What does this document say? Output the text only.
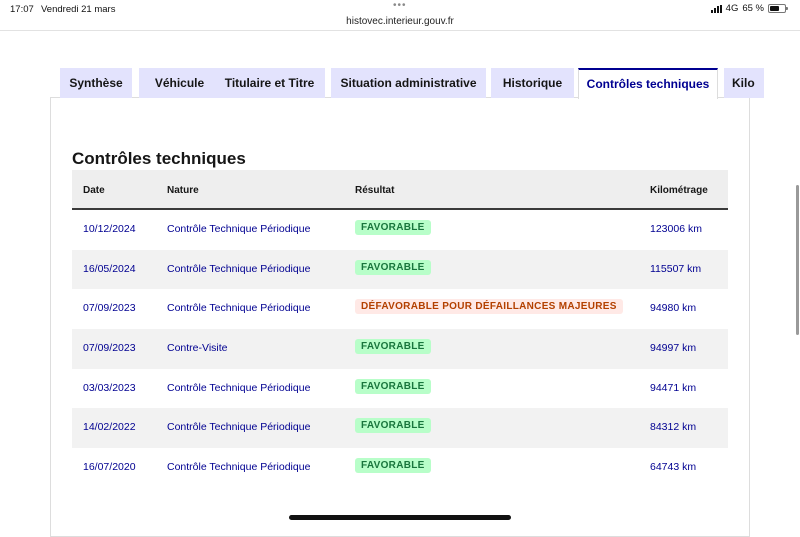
17:07 Vendredi 21 mars	•••
histovec.interieur.gouv.fr
4G 65 %
Synthèse	Véhicule	Titulaire et Titre	Situation administrative	Historique	Contrôles techniques	Kilo
Contrôles techniques
Date	Nature	Résultat	Kilométrage
10/12/2024	Contrôle Technique Périodique	FAVORABLE	123006 km
16/05/2024	Contrôle Technique Périodique	FAVORABLE	115507 km
07/09/2023	Contrôle Technique Périodique	DÉFAVORABLE POUR DÉFAILLANCES MAJEURES	94980 km
07/09/2023	Contre-Visite	FAVORABLE	94997 km
03/03/2023	Contrôle Technique Périodique	FAVORABLE	94471 km
14/02/2022	Contrôle Technique Périodique	FAVORABLE	84312 km
16/07/2020	Contrôle Technique Périodique	FAVORABLE	64743 km
